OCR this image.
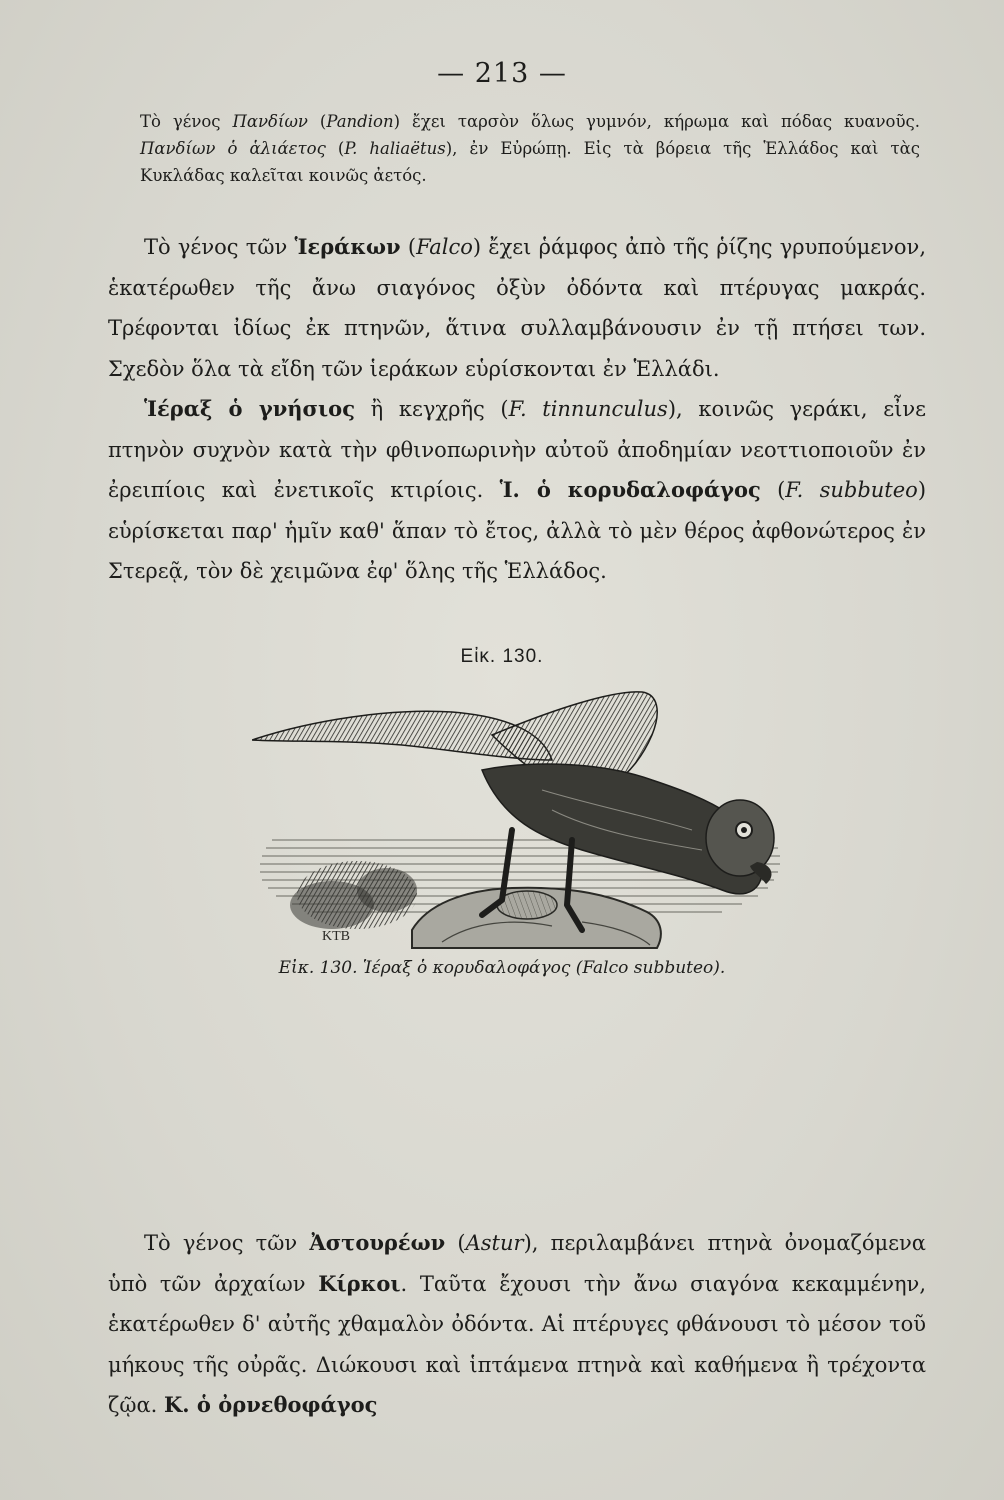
— 213 —

Τὸ γένος Πανδίων (Pandion) ἔχει ταρσὸν ὅλως γυμνόν, κήρωμα καὶ πόδας κυανοῦς. Πανδίων ὁ ἁλιάετος (P. haliaëtus), ἐν Εὐρώπῃ. Εἰς τὰ βόρεια τῆς Ἑλλάδος καὶ τὰς Κυκλάδας καλεῖται κοινῶς ἀετός.

Τὸ γένος τῶν Ἱεράκων (Falco) ἔχει ῥάμφος ἀπὸ τῆς ῥίζης γρυπούμενον, ἑκατέρωθεν τῆς ἄνω σιαγόνος ὀξὺν ὀδόντα καὶ πτέρυγας μακράς. Τρέφονται ἰδίως ἐκ πτηνῶν, ἅτινα συλλαμβάνουσιν ἐν τῇ πτήσει των. Σχεδὸν ὅλα τὰ εἴδη τῶν ἱεράκων εὑρίσκονται ἐν Ἑλλάδι.

Ἱέραξ ὁ γνήσιος ἢ κεγχρῆς (F. tinnunculus), κοινῶς γεράκι, εἶνε πτηνὸν συχνὸν κατὰ τὴν φθινοπωρινὴν αὐτοῦ ἀποδημίαν νεοττιοποιοῦν ἐν ἐρειπίοις καὶ ἐνετικοῖς κτιρίοις. Ἱ. ὁ κορυδαλοφάγος (F. subbuteo) εὑρίσκεται παρ' ἡμῖν καθ' ἅπαν τὸ ἔτος, ἀλλὰ τὸ μὲν θέρος ἀφθονώτερος ἐν Στερεᾷ, τὸν δὲ χειμῶνα ἐφ' ὅλης τῆς Ἑλλάδος.

Εἰκ. 130.
KTB
Εἰκ. 130. Ἱέραξ ὁ κορυδαλοφάγος (Falco subbuteo).

Τὸ γένος τῶν Ἀστουρέων (Astur), περιλαμβάνει πτηνὰ ὀνομαζόμενα ὑπὸ τῶν ἀρχαίων Κίρκοι. Ταῦτα ἔχουσι τὴν ἄνω σιαγόνα κεκαμμένην, ἑκατέρωθεν δ' αὐτῆς χθαμαλὸν ὀδόντα. Αἱ πτέρυγες φθάνουσι τὸ μέσον τοῦ μήκους τῆς οὐρᾶς. Διώκουσι καὶ ἱπτάμενα πτηνὰ καὶ καθήμενα ἢ τρέχοντα ζῷα. Κ. ὁ ὀρνεθοφάγος
